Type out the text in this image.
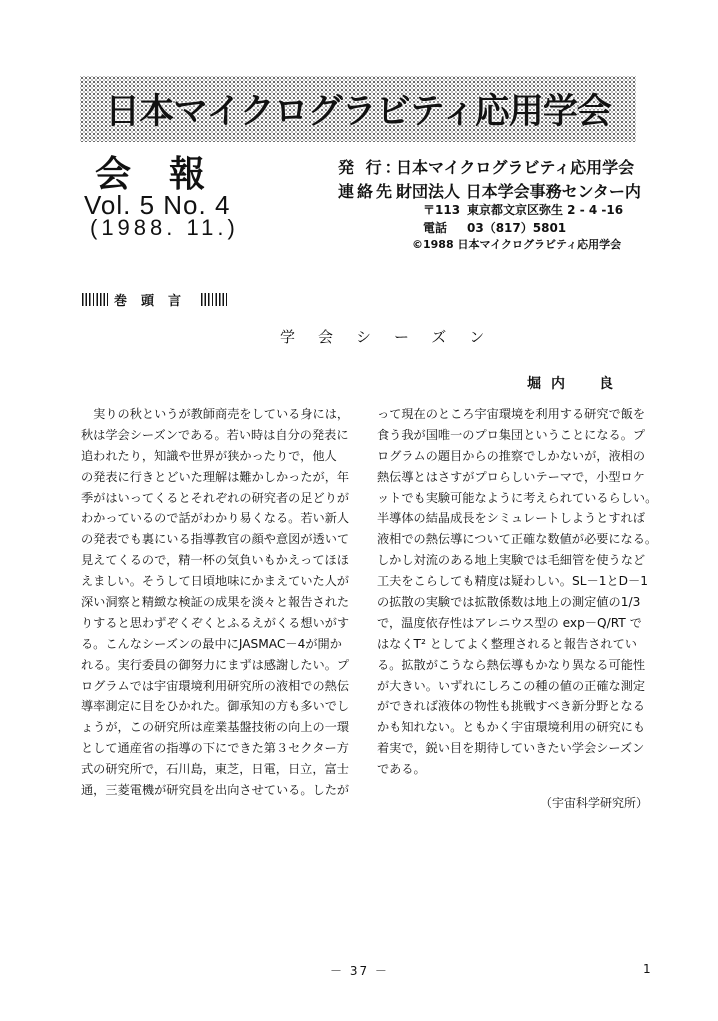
日本マイクログラビティ応用学会
会報
Vol. 5 No. 4
(1988. 11.)
発 行：日本マイクログラビティ応用学会
連絡先：財団法人 日本学会事務センター内
〒113 東京都文京区弥生 2 - 4 -16
電話 03（817）5801
©1988 日本マイクログラビティ応用学会
巻頭言
学会シーズン
堀内　良
　実りの秋というが教師商売をしている身には，
秋は学会シーズンである。若い時は自分の発表に
追われたり，知識や世界が狭かったりで，他人
の発表に行きとどいた理解は難かしかったが，年
季がはいってくるとそれぞれの研究者の足どりが
わかっているので話がわかり易くなる。若い新人
の発表でも裏にいる指導教官の顔や意図が透いて
見えてくるので，精一杯の気負いもかえってほほ
えましい。そうして日頃地味にかまえていた人が
深い洞察と精緻な検証の成果を淡々と報告された
りすると思わずぞくぞくとふるえがくる想いがす
る。こんなシーズンの最中にJASMAC－4が開か
れる。実行委員の御努力にまずは感謝したい。プ
ログラムでは宇宙環境利用研究所の液相での熱伝
導率測定に目をひかれた。御承知の方も多いでし
ょうが，この研究所は産業基盤技術の向上の一環
として通産省の指導の下にできた第３セクター方
式の研究所で，石川島，東芝，日電，日立，富士
通，三菱電機が研究員を出向させている。したが
って現在のところ宇宙環境を利用する研究で飯を
食う我が国唯一のプロ集団ということになる。プ
ログラムの題目からの推察でしかないが，液相の
熱伝導とはさすがプロらしいテーマで，小型ロケ
ットでも実験可能なように考えられているらしい。
半導体の結晶成長をシミュレートしようとすれば
液相での熱伝導について正確な数値が必要になる。
しかし対流のある地上実験では毛細管を使うなど
工夫をこらしても精度は疑わしい。SL－1とD－1
の拡散の実験では拡散係数は地上の測定値の1/3
で，温度依存性はアレニウス型の exp－Q/RT で
はなくT² としてよく整理されると報告されてい
る。拡散がこうなら熱伝導もかなり異なる可能性
が大きい。いずれにしろこの種の値の正確な測定
ができれば液体の物性も挑戦すべき新分野となる
かも知れない。ともかく宇宙環境利用の研究にも
着実で，鋭い目を期待していきたい学会シーズン
である。
（宇宙科学研究所）
－ 37 －	1
